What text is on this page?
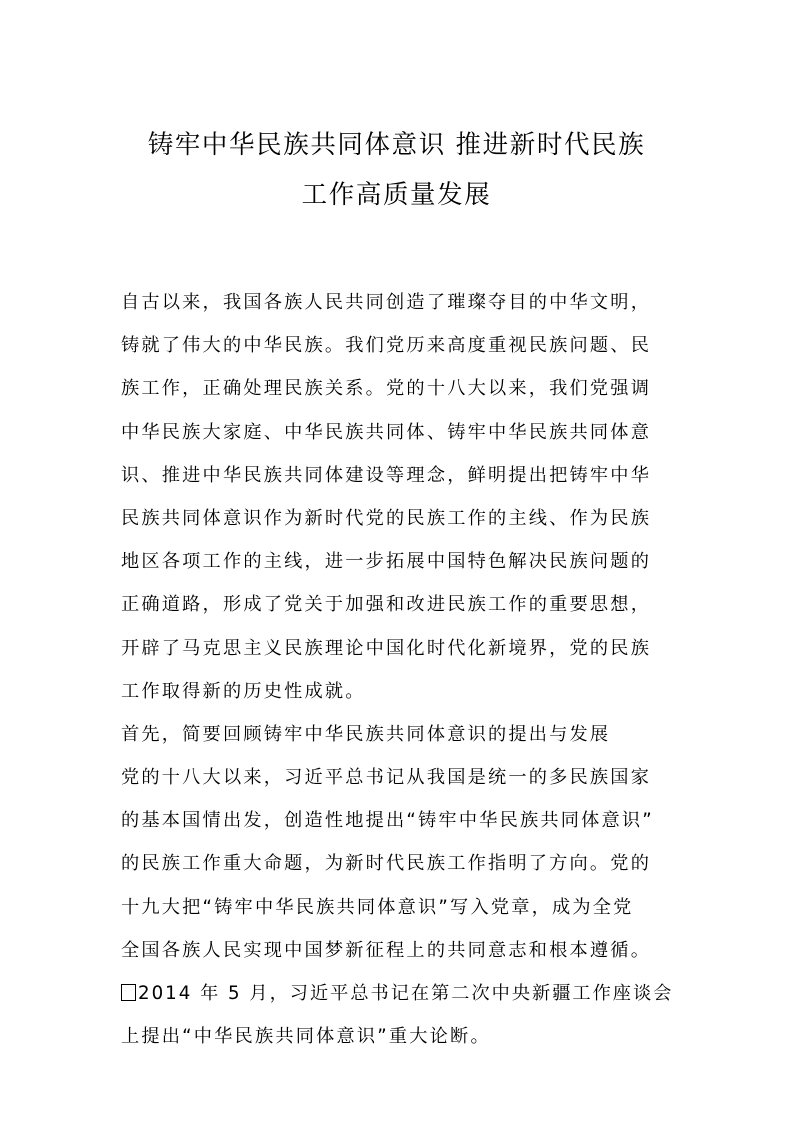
铸牢中华民族共同体意识 推进新时代民族
工作高质量发展
自古以来，我国各族人民共同创造了璀璨夺目的中华文明，
铸就了伟大的中华民族。我们党历来高度重视民族问题、民
族工作，正确处理民族关系。党的十八大以来，我们党强调
中华民族大家庭、中华民族共同体、铸牢中华民族共同体意
识、推进中华民族共同体建设等理念，鲜明提出把铸牢中华
民族共同体意识作为新时代党的民族工作的主线、作为民族
地区各项工作的主线，进一步拓展中国特色解决民族问题的
正确道路，形成了党关于加强和改进民族工作的重要思想，
开辟了马克思主义民族理论中国化时代化新境界，党的民族
工作取得新的历史性成就。
首先，简要回顾铸牢中华民族共同体意识的提出与发展
党的十八大以来，习近平总书记从我国是统一的多民族国家
的基本国情出发，创造性地提出“铸牢中华民族共同体意识”
的民族工作重大命题，为新时代民族工作指明了方向。党的
十九大把“铸牢中华民族共同体意识”写入党章，成为全党
全国各族人民实现中国梦新征程上的共同意志和根本遵循。
2014 年 5 月，习近平总书记在第二次中央新疆工作座谈会
上提出“中华民族共同体意识”重大论断。
